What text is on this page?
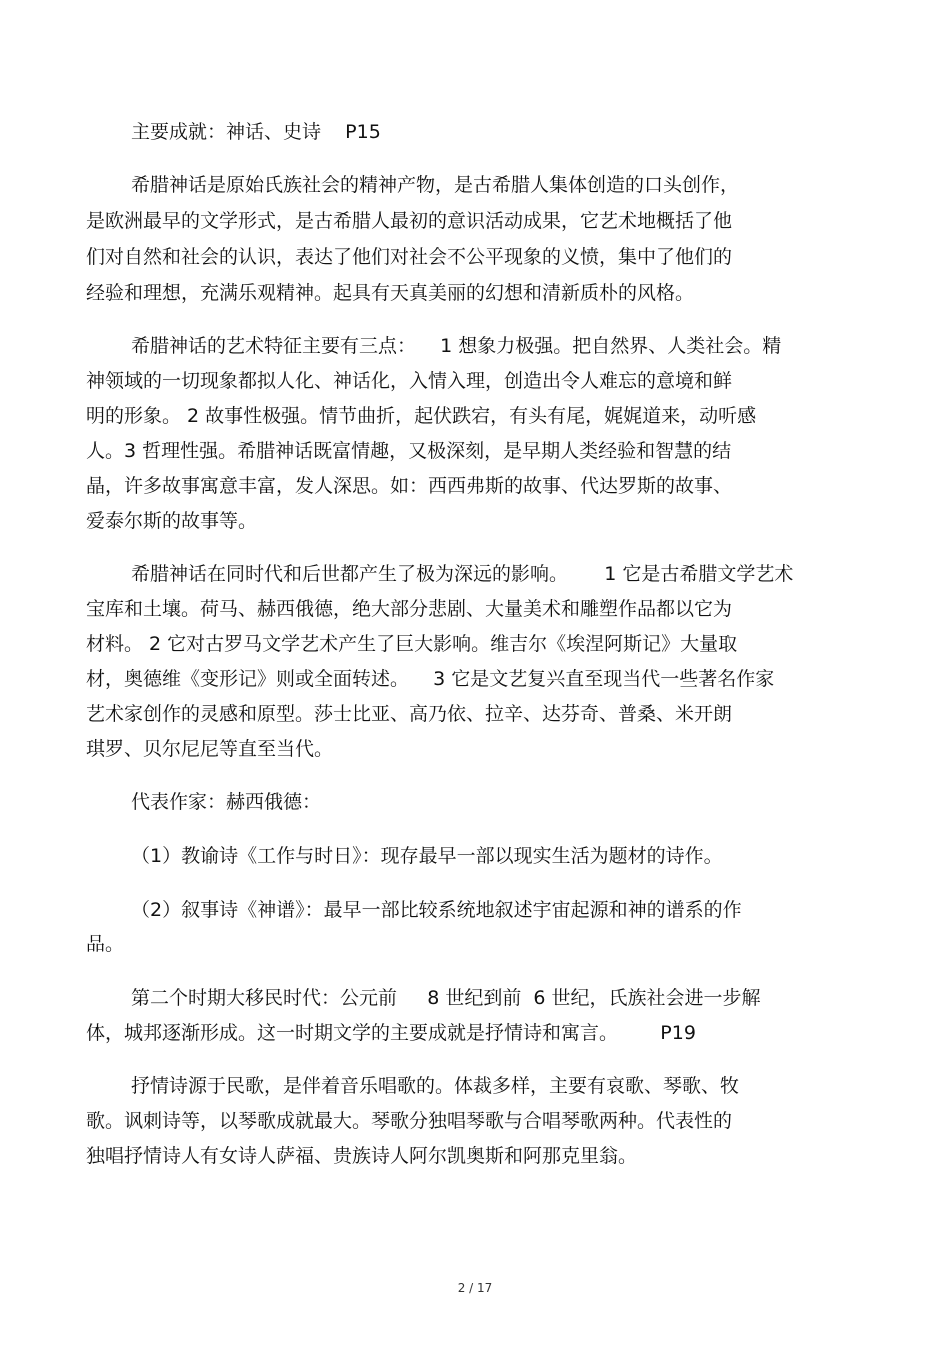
主要成就：神话、史诗    P15
希腊神话是原始氏族社会的精神产物，是古希腊人集体创造的口头创作，
是欧洲最早的文学形式，是古希腊人最初的意识活动成果，它艺术地概括了他
们对自然和社会的认识，表达了他们对社会不公平现象的义愤，集中了他们的
经验和理想，充满乐观精神。起具有天真美丽的幻想和清新质朴的风格。
希腊神话的艺术特征主要有三点：    1 想象力极强。把自然界、人类社会。精
神领域的一切现象都拟人化、神话化，入情入理，创造出令人难忘的意境和鲜
明的形象。 2 故事性极强。情节曲折，起伏跌宕，有头有尾，娓娓道来，动听感
人。3 哲理性强。希腊神话既富情趣，又极深刻，是早期人类经验和智慧的结
晶，许多故事寓意丰富，发人深思。如：西西弗斯的故事、代达罗斯的故事、
爱泰尔斯的故事等。
希腊神话在同时代和后世都产生了极为深远的影响。      1 它是古希腊文学艺术
宝库和土壤。荷马、赫西俄德，绝大部分悲剧、大量美术和雕塑作品都以它为
材料。 2 它对古罗马文学艺术产生了巨大影响。维吉尔《埃涅阿斯记》大量取
材，奥德维《变形记》则或全面转述。    3 它是文艺复兴直至现当代一些著名作家
艺术家创作的灵感和原型。莎士比亚、高乃依、拉辛、达芬奇、普桑、米开朗
琪罗、贝尔尼尼等直至当代。
代表作家：赫西俄德：
（1）教谕诗《工作与时日》：现存最早一部以现实生活为题材的诗作。
（2）叙事诗《神谱》：最早一部比较系统地叙述宇宙起源和神的谱系的作
品。
第二个时期大移民时代：公元前     8 世纪到前  6 世纪，氏族社会进一步解
体，城邦逐渐形成。这一时期文学的主要成就是抒情诗和寓言。       P19
抒情诗源于民歌，是伴着音乐唱歌的。体裁多样，主要有哀歌、琴歌、牧
歌。讽刺诗等，以琴歌成就最大。琴歌分独唱琴歌与合唱琴歌两种。代表性的
独唱抒情诗人有女诗人萨福、贵族诗人阿尔凯奥斯和阿那克里翁。
2 / 17
